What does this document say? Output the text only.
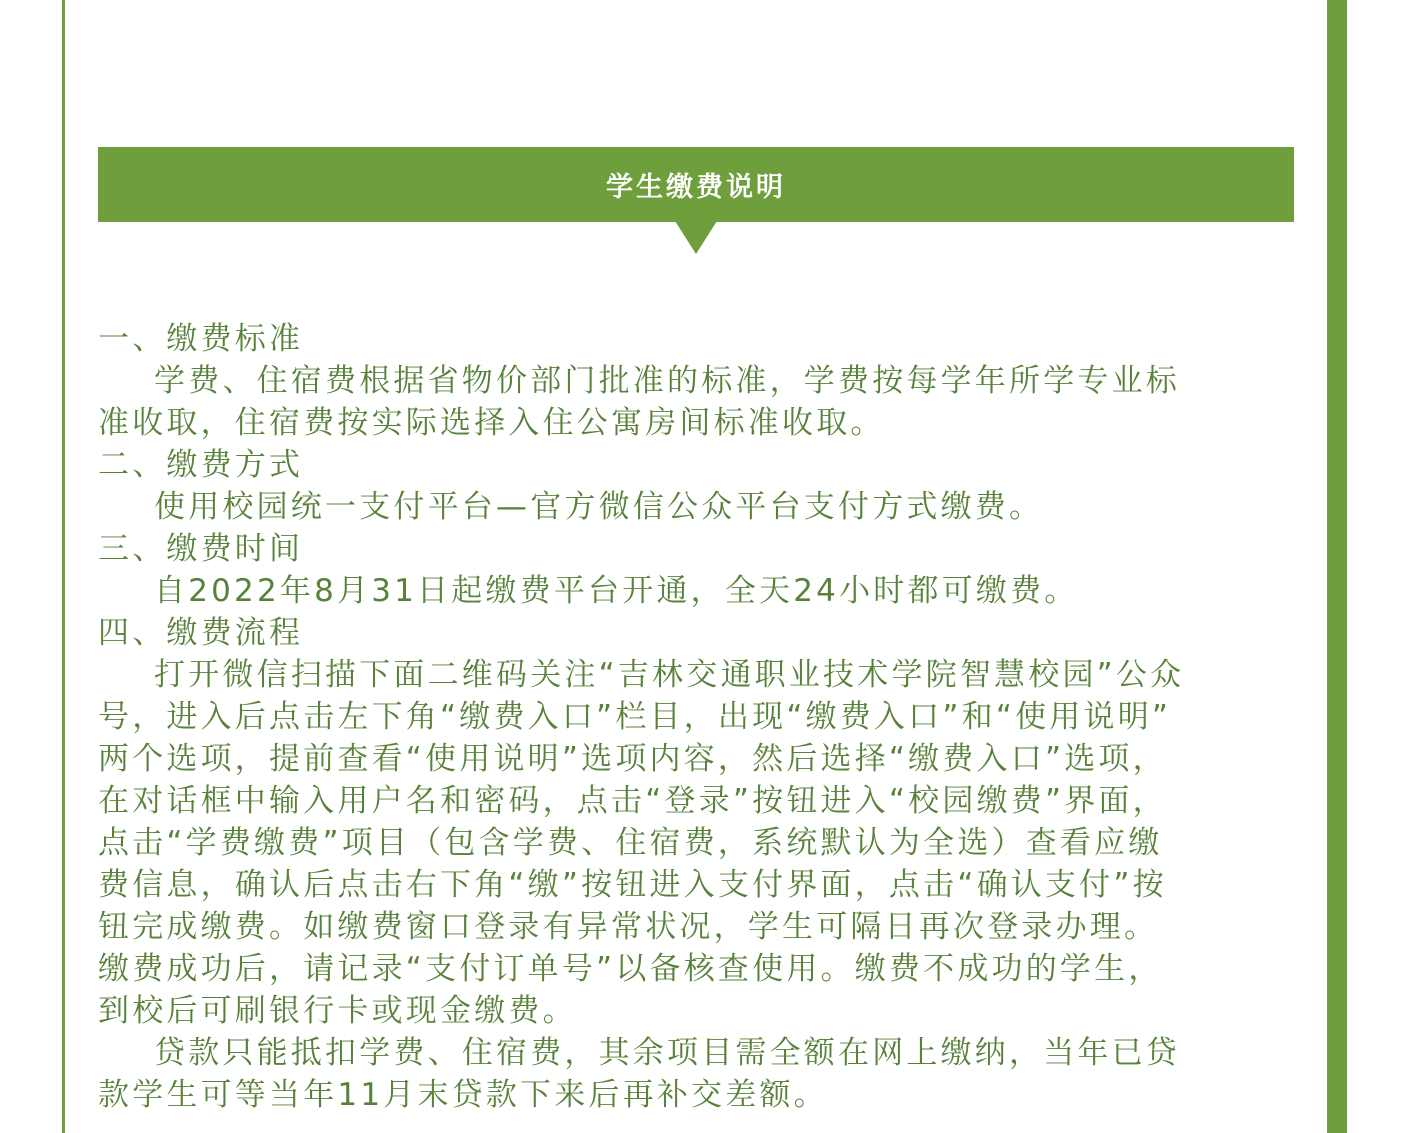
学生缴费说明

一、缴费标准

学费、住宿费根据省物价部门批准的标准，学费按每学年所学专业标

准收取，住宿费按实际选择入住公寓房间标准收取。

二、缴费方式

使用校园统一支付平台—官方微信公众平台支付方式缴费。

三、缴费时间

自2022年8月31日起缴费平台开通，全天24小时都可缴费。

四、缴费流程

打开微信扫描下面二维码关注“吉林交通职业技术学院智慧校园”公众

号，进入后点击左下角“缴费入口”栏目，出现“缴费入口”和“使用说明”

两个选项，提前查看“使用说明”选项内容，然后选择“缴费入口”选项，

在对话框中输入用户名和密码，点击“登录”按钮进入“校园缴费”界面，

点击“学费缴费”项目（包含学费、住宿费，系统默认为全选）查看应缴

费信息，确认后点击右下角“缴”按钮进入支付界面，点击“确认支付”按

钮完成缴费。如缴费窗口登录有异常状况，学生可隔日再次登录办理。

缴费成功后，请记录“支付订单号”以备核查使用。缴费不成功的学生，

到校后可刷银行卡或现金缴费。

贷款只能抵扣学费、住宿费，其余项目需全额在网上缴纳，当年已贷

款学生可等当年11月末贷款下来后再补交差额。
